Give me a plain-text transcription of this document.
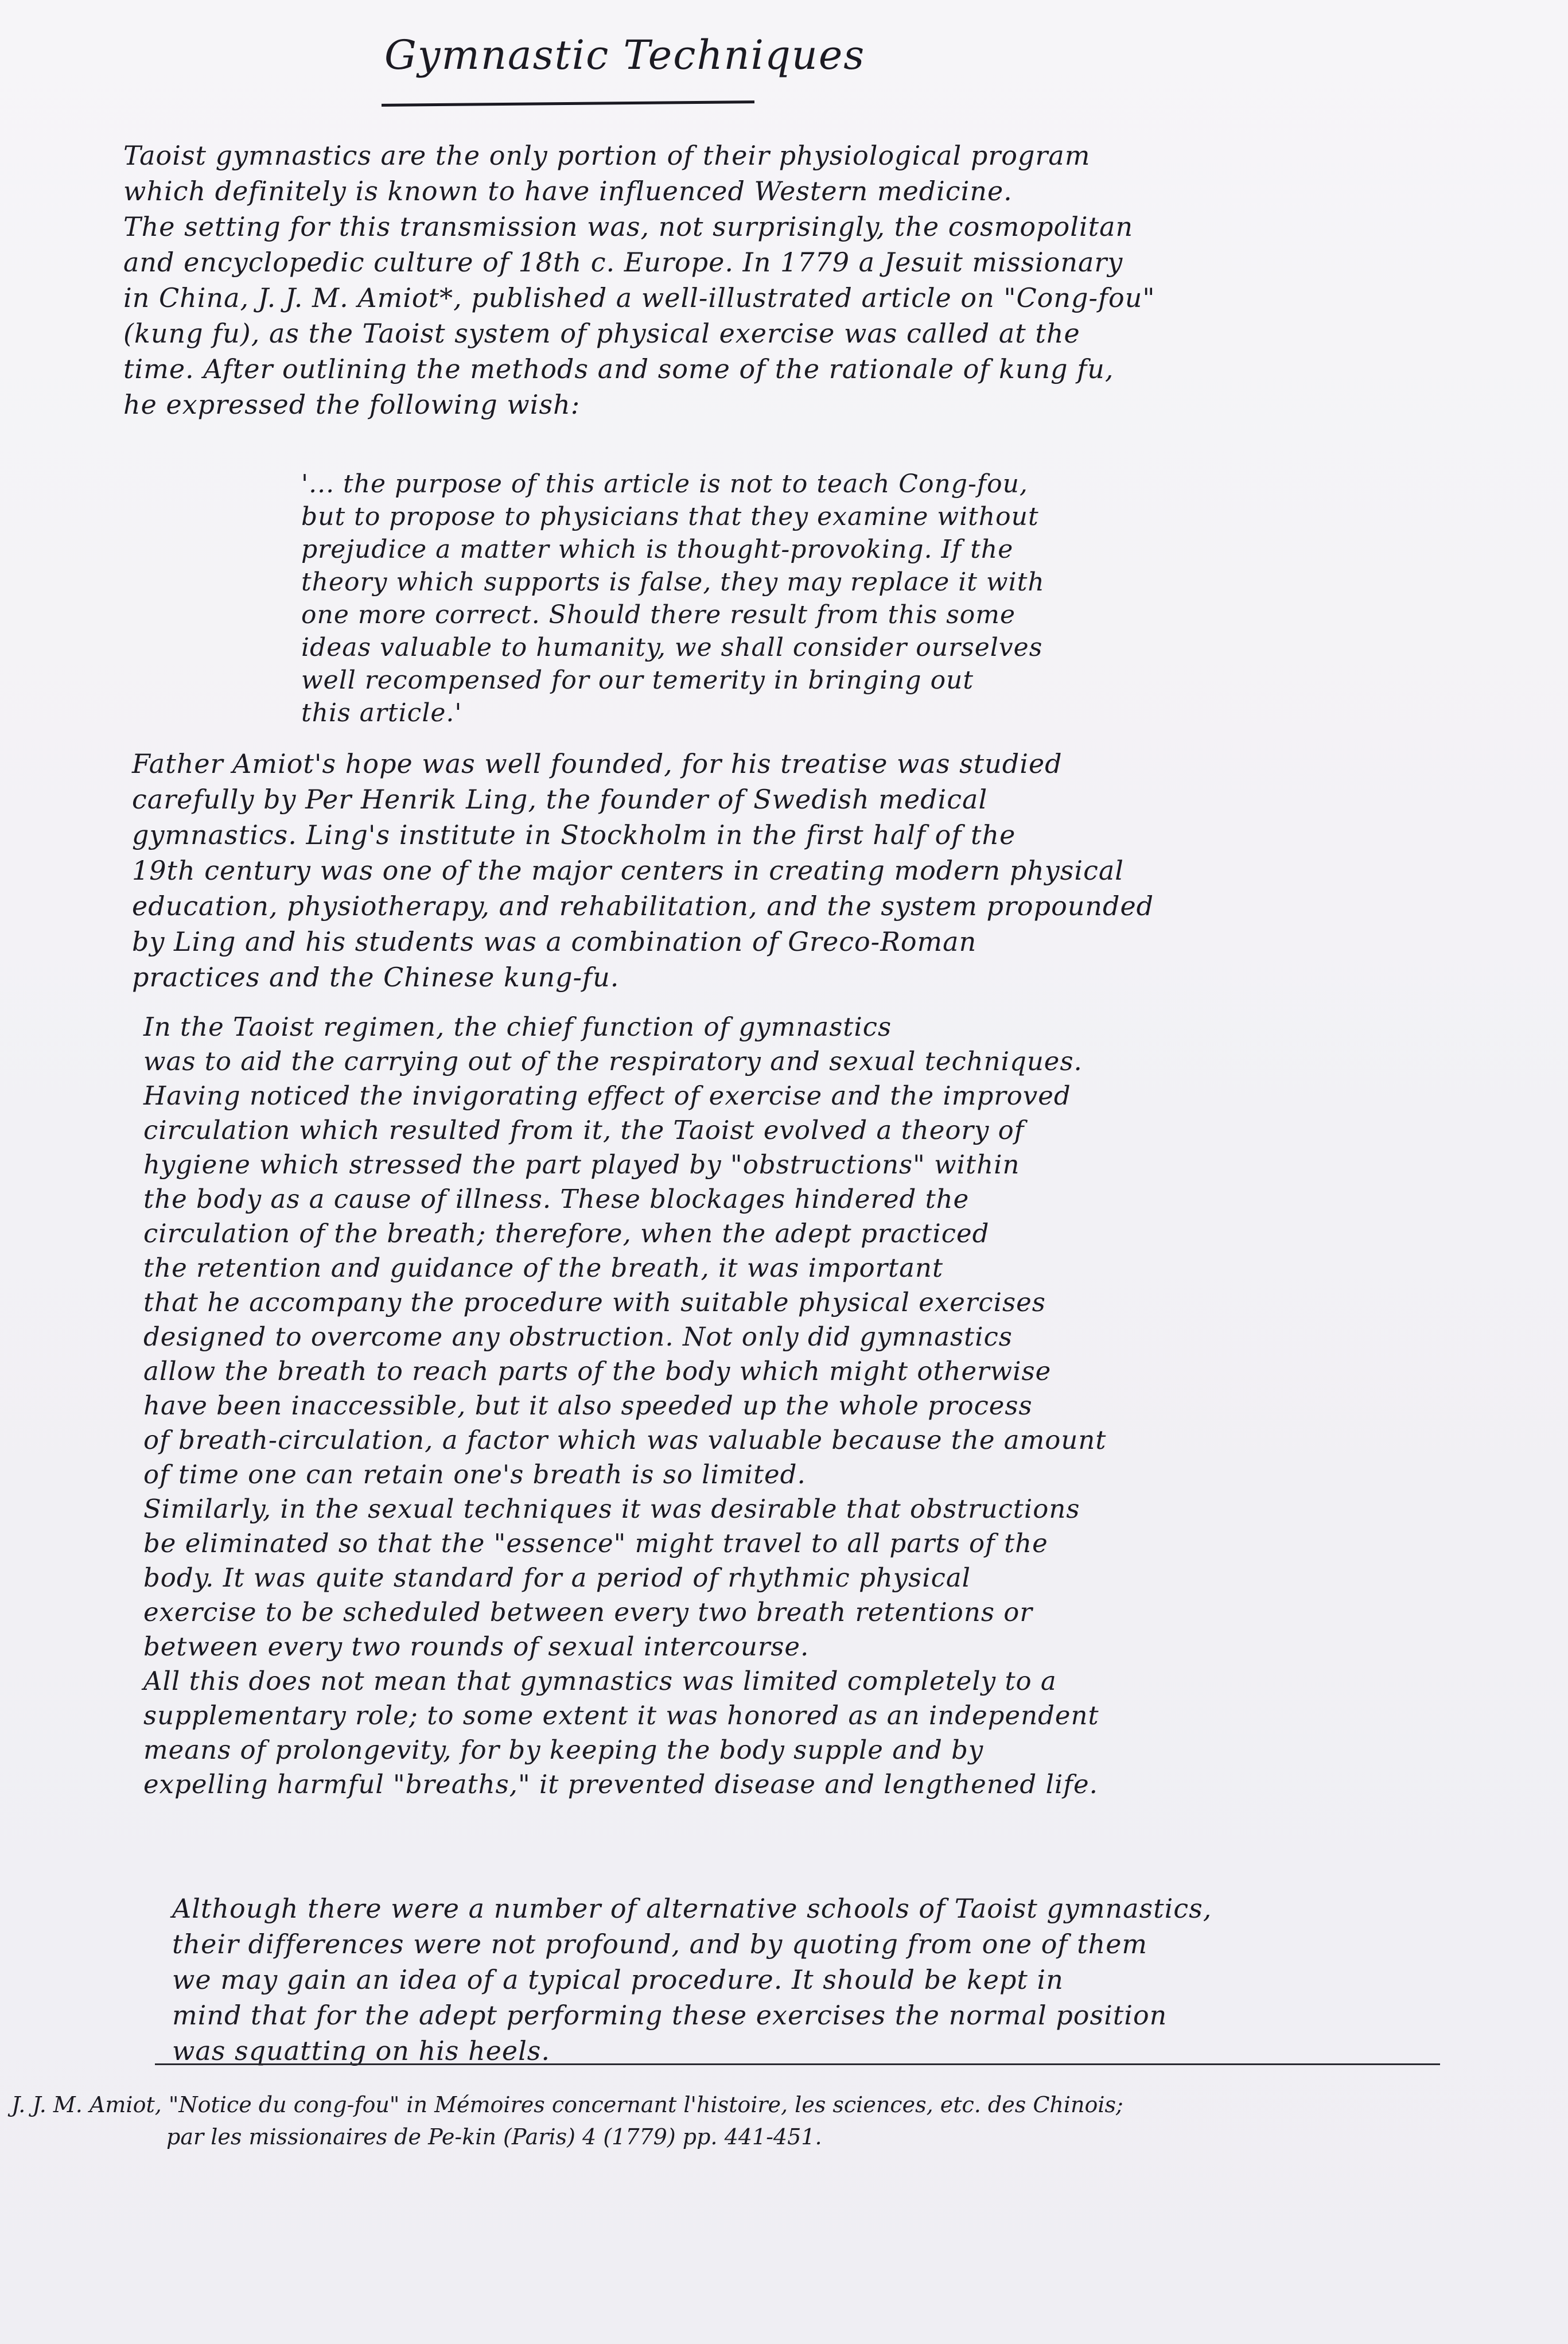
Gymnastic Techniques
Taoist gymnastics are the only portion of their physiological program
which definitely is known to have influenced Western medicine.
The setting for this transmission was, not surprisingly, the cosmopolitan
and encyclopedic culture of 18th c. Europe. In 1779 a Jesuit missionary
in China, J. J. M. Amiot*, published a well-illustrated article on "Cong-fou"
(kung fu), as the Taoist system of physical exercise was called at the
time. After outlining the methods and some of the rationale of kung fu,
he expressed the following wish:
'... the purpose of this article is not to teach Cong-fou,
but to propose to physicians that they examine without
prejudice a matter which is thought-provoking. If the
theory which supports is false, they may replace it with
one more correct. Should there result from this some
ideas valuable to humanity, we shall consider ourselves
well recompensed for our temerity in bringing out
this article.'
Father Amiot's hope was well founded, for his treatise was studied
carefully by Per Henrik Ling, the founder of Swedish medical
gymnastics. Ling's institute in Stockholm in the first half of the
19th century was one of the major centers in creating modern physical
education, physiotherapy, and rehabilitation, and the system propounded
by Ling and his students was a combination of Greco-Roman
practices and the Chinese kung-fu.
In the Taoist regimen, the chief function of gymnastics
was to aid the carrying out of the respiratory and sexual techniques.
Having noticed the invigorating effect of exercise and the improved
circulation which resulted from it, the Taoist evolved a theory of
hygiene which stressed the part played by "obstructions" within
the body as a cause of illness. These blockages hindered the
circulation of the breath; therefore, when the adept practiced
the retention and guidance of the breath, it was important
that he accompany the procedure with suitable physical exercises
designed to overcome any obstruction. Not only did gymnastics
allow the breath to reach parts of the body which might otherwise
have been inaccessible, but it also speeded up the whole process
of breath-circulation, a factor which was valuable because the amount
of time one can retain one's breath is so limited.
Similarly, in the sexual techniques it was desirable that obstructions
be eliminated so that the "essence" might travel to all parts of the
body. It was quite standard for a period of rhythmic physical
exercise to be scheduled between every two breath retentions or
between every two rounds of sexual intercourse.
All this does not mean that gymnastics was limited completely to a
supplementary role; to some extent it was honored as an independent
means of prolongevity, for by keeping the body supple and by
expelling harmful "breaths," it prevented disease and lengthened life.
Although there were a number of alternative schools of Taoist gymnastics,
their differences were not profound, and by quoting from one of them
we may gain an idea of a typical procedure. It should be kept in
mind that for the adept performing these exercises the normal position
was squatting on his heels.
J. J. M. Amiot, "Notice du cong-fou" in Mémoires concernant l'histoire, les sciences, etc. des Chinois;
par les missionaires de Pe-kin (Paris) 4 (1779) pp. 441-451.
